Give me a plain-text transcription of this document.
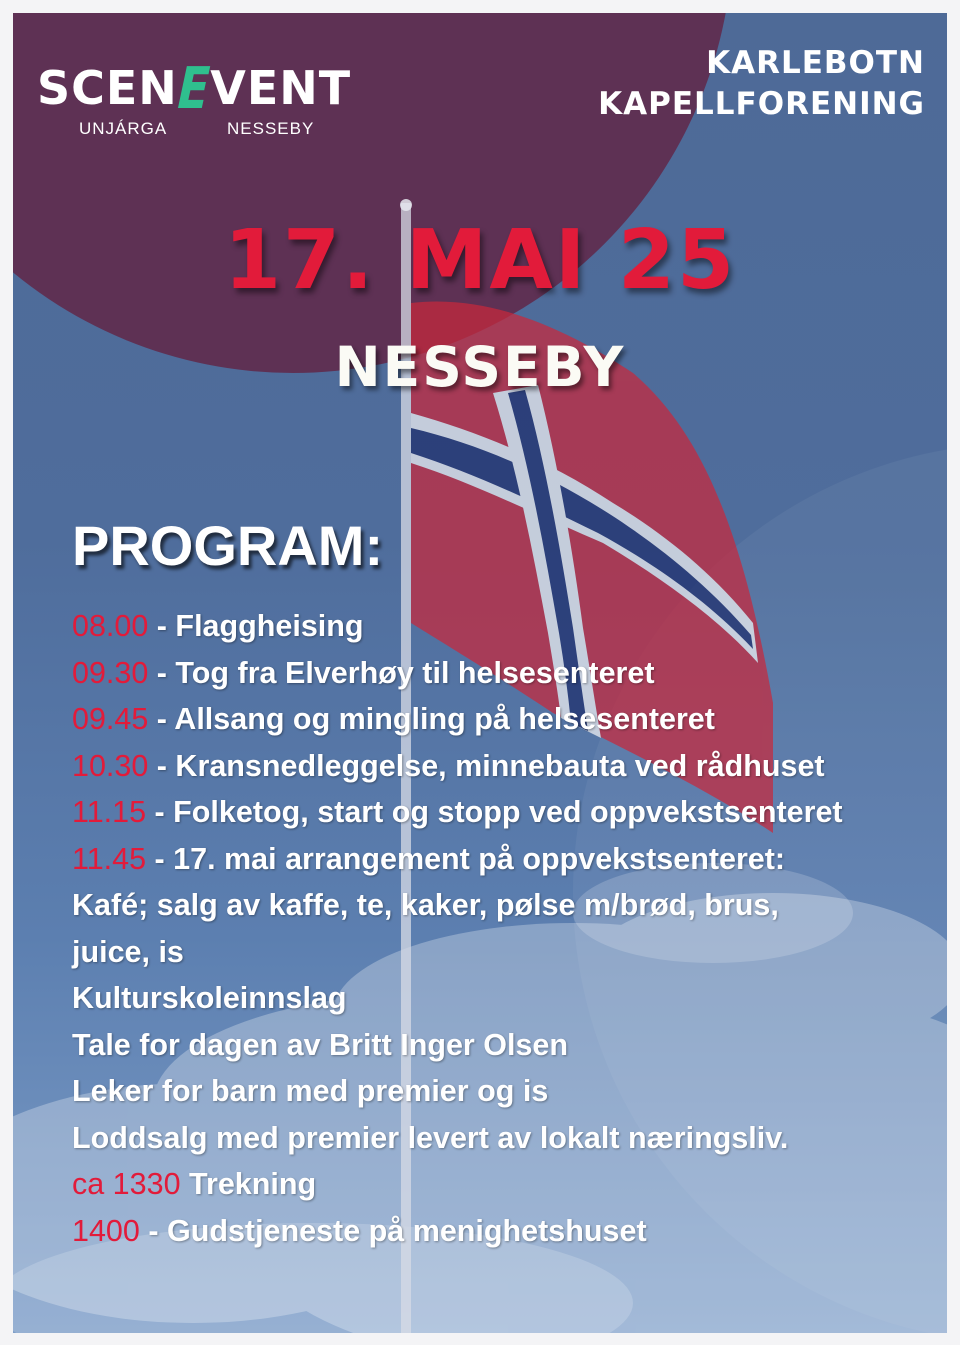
SCENEVENT
UNJÁRGA	NESSEBY
KARLEBOTN
KAPELLFORENING
17. MAI 25
NESSEBY
PROGRAM:
08.00 - Flaggheising
09.30 - Tog fra Elverhøy til helsesenteret
09.45 - Allsang og mingling på helsesenteret
10.30 - Kransnedleggelse, minnebauta ved rådhuset
11.15 - Folketog, start og stopp ved oppvekstsenteret
11.45 - 17. mai arrangement på oppvekstsenteret:
Kafé; salg av kaffe, te, kaker, pølse m/brød, brus,
juice, is
Kulturskoleinnslag
Tale for dagen av Britt Inger Olsen
Leker for barn med premier og is
Loddsalg med premier levert av lokalt næringsliv.
ca 1330 Trekning
1400 - Gudstjeneste på menighetshuset
